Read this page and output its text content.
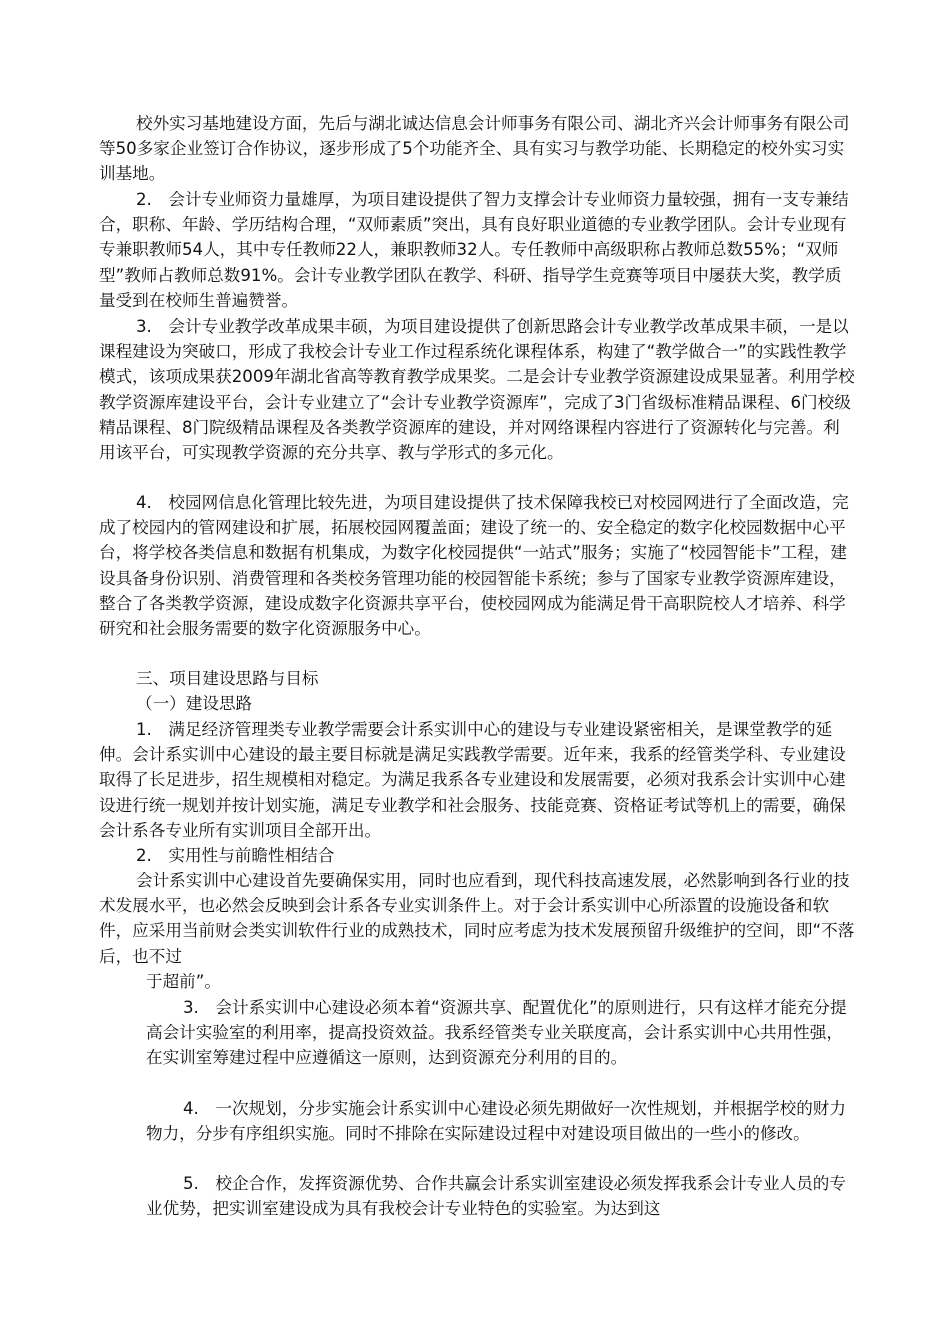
校外实习基地建设方面，先后与湖北诚达信息会计师事务有限公司、湖北齐兴会计师事务有限公司等50多家企业签订合作协议，逐步形成了5个功能齐全、具有实习与教学功能、长期稳定的校外实习实训基地。

2.　会计专业师资力量雄厚，为项目建设提供了智力支撑会计专业师资力量较强，拥有一支专兼结合，职称、年龄、学历结构合理，“双师素质”突出，具有良好职业道德的专业教学团队。会计专业现有专兼职教师54人，其中专任教师22人，兼职教师32人。专任教师中高级职称占教师总数55%；“双师型”教师占教师总数91%。会计专业教学团队在教学、科研、指导学生竞赛等项目中屡获大奖，教学质量受到在校师生普遍赞誉。

3.　会计专业教学改革成果丰硕，为项目建设提供了创新思路会计专业教学改革成果丰硕，一是以课程建设为突破口，形成了我校会计专业工作过程系统化课程体系，构建了“教学做合一”的实践性教学模式，该项成果获2009年湖北省高等教育教学成果奖。二是会计专业教学资源建设成果显著。利用学校教学资源库建设平台，会计专业建立了“会计专业教学资源库”，完成了3门省级标准精品课程、6门校级精品课程、8门院级精品课程及各类教学资源库的建设，并对网络课程内容进行了资源转化与完善。利用该平台，可实现教学资源的充分共享、教与学形式的多元化。

4.　校园网信息化管理比较先进，为项目建设提供了技术保障我校已对校园网进行了全面改造，完成了校园内的管网建设和扩展，拓展校园网覆盖面；建设了统一的、安全稳定的数字化校园数据中心平台，将学校各类信息和数据有机集成，为数字化校园提供“一站式”服务；实施了“校园智能卡”工程，建设具备身份识别、消费管理和各类校务管理功能的校园智能卡系统；参与了国家专业教学资源库建设，整合了各类教学资源，建设成数字化资源共享平台，使校园网成为能满足骨干高职院校人才培养、科学研究和社会服务需要的数字化资源服务中心。

三、项目建设思路与目标

（一）建设思路

1.　满足经济管理类专业教学需要会计系实训中心的建设与专业建设紧密相关，是课堂教学的延伸。会计系实训中心建设的最主要目标就是满足实践教学需要。近年来，我系的经管类学科、专业建设取得了长足进步，招生规模相对稳定。为满足我系各专业建设和发展需要，必须对我系会计实训中心建设进行统一规划并按计划实施，满足专业教学和社会服务、技能竞赛、资格证考试等机上的需要，确保会计系各专业所有实训项目全部开出。

2.　实用性与前瞻性相结合

会计系实训中心建设首先要确保实用，同时也应看到，现代科技高速发展，必然影响到各行业的技术发展水平，也必然会反映到会计系各专业实训条件上。对于会计系实训中心所添置的设施设备和软件，应采用当前财会类实训软件行业的成熟技术，同时应考虑为技术发展预留升级维护的空间，即“不落后，也不过

于超前”。

3.　会计系实训中心建设必须本着“资源共享、配置优化”的原则进行，只有这样才能充分提高会计实验室的利用率，提高投资效益。我系经管类专业关联度高，会计系实训中心共用性强，在实训室筹建过程中应遵循这一原则，达到资源充分利用的目的。

4.　一次规划，分步实施会计系实训中心建设必须先期做好一次性规划，并根据学校的财力物力，分步有序组织实施。同时不排除在实际建设过程中对建设项目做出的一些小的修改。

5.　校企合作，发挥资源优势、合作共赢会计系实训室建设必须发挥我系会计专业人员的专业优势，把实训室建设成为具有我校会计专业特色的实验室。为达到这
